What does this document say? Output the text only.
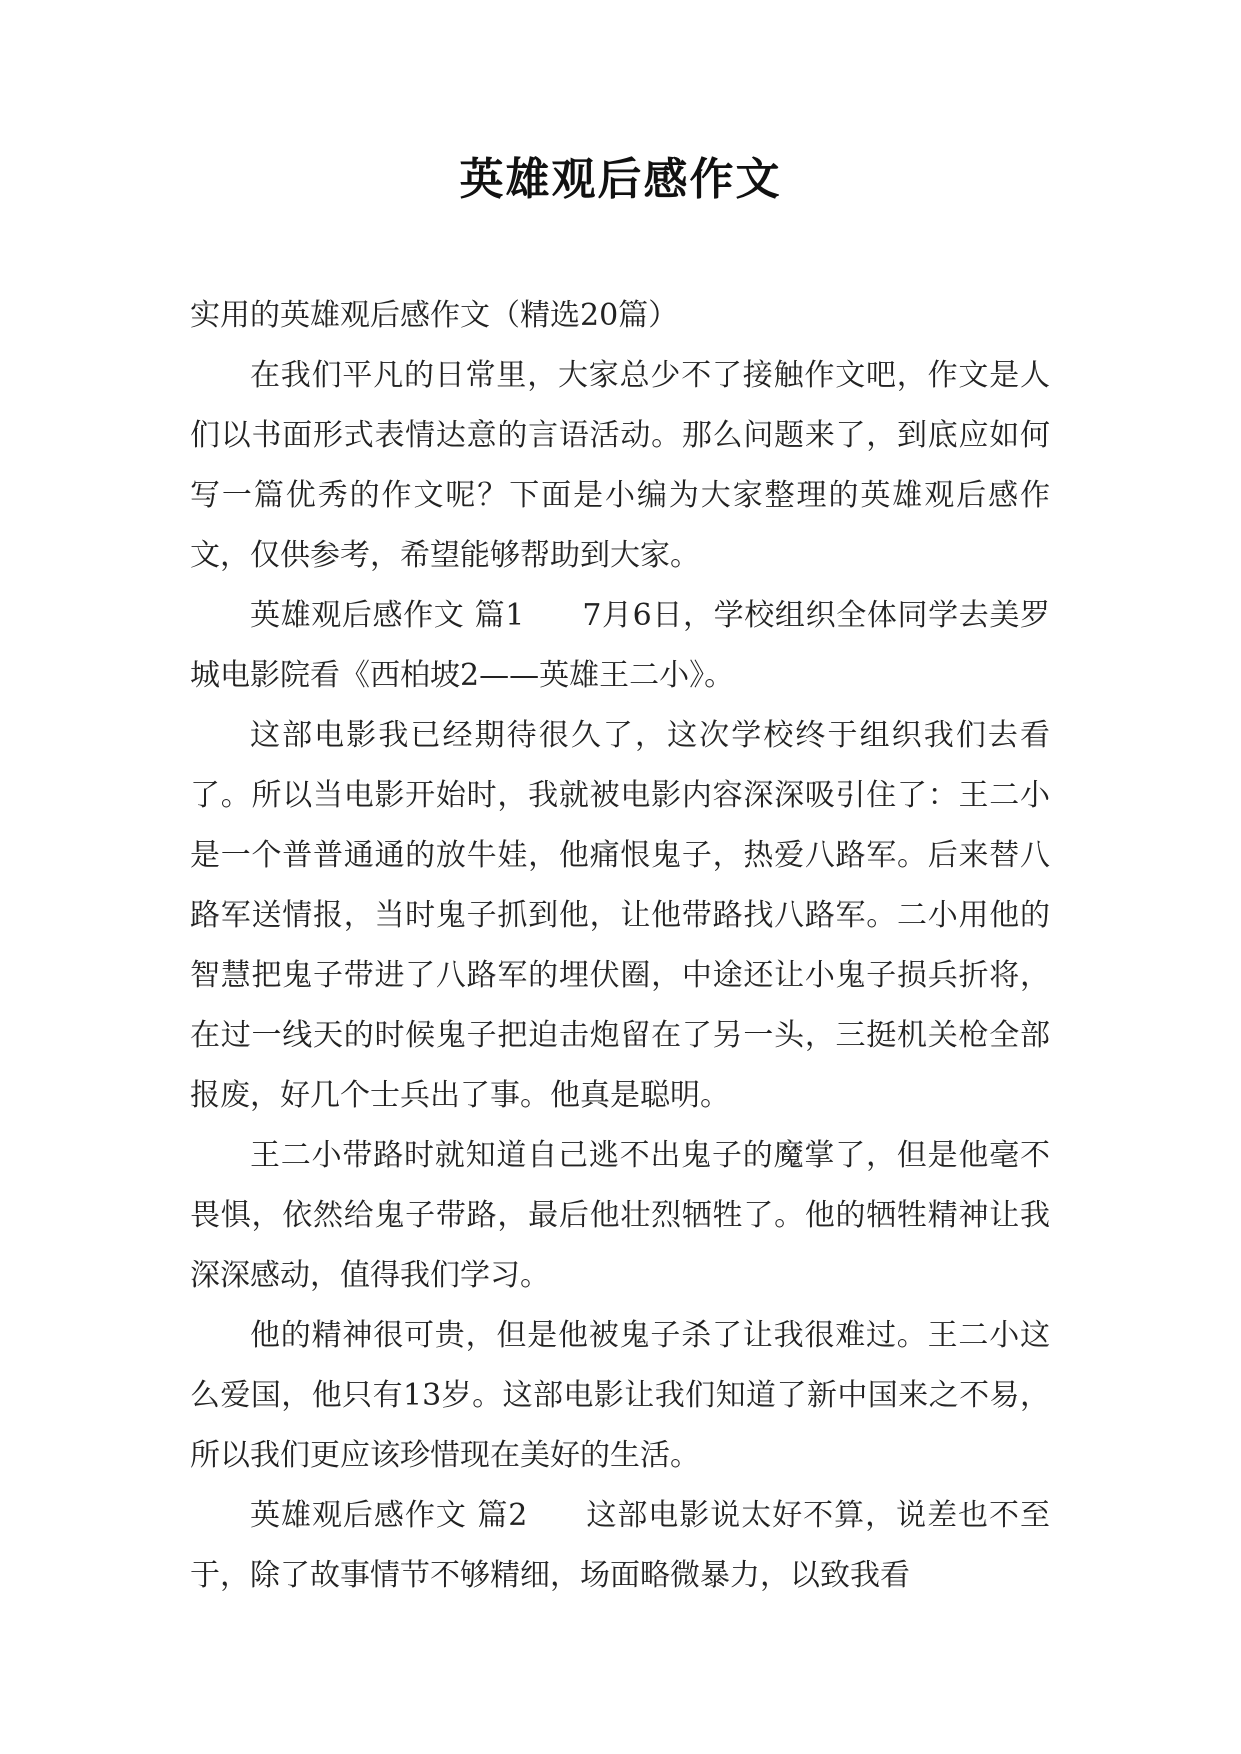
英雄观后感作文

实用的英雄观后感作文（精选20篇）

在我们平凡的日常里，大家总少不了接触作文吧，作文是人们以书面形式表情达意的言语活动。那么问题来了，到底应如何写一篇优秀的作文呢？下面是小编为大家整理的英雄观后感作文，仅供参考，希望能够帮助到大家。

英雄观后感作文 篇1 7月6日，学校组织全体同学去美罗城电影院看《西柏坡2——英雄王二小》。

这部电影我已经期待很久了，这次学校终于组织我们去看了。所以当电影开始时，我就被电影内容深深吸引住了：王二小是一个普普通通的放牛娃，他痛恨鬼子，热爱八路军。后来替八路军送情报，当时鬼子抓到他，让他带路找八路军。二小用他的智慧把鬼子带进了八路军的埋伏圈，中途还让小鬼子损兵折将，在过一线天的时候鬼子把迫击炮留在了另一头，三挺机关枪全部报废，好几个士兵出了事。他真是聪明。

王二小带路时就知道自己逃不出鬼子的魔掌了，但是他毫不畏惧，依然给鬼子带路，最后他壮烈牺牲了。他的牺牲精神让我深深感动，值得我们学习。

他的精神很可贵，但是他被鬼子杀了让我很难过。王二小这么爱国，他只有13岁。这部电影让我们知道了新中国来之不易，所以我们更应该珍惜现在美好的生活。

英雄观后感作文 篇2 这部电影说太好不算，说差也不至于，除了故事情节不够精细，场面略微暴力，以致我看
